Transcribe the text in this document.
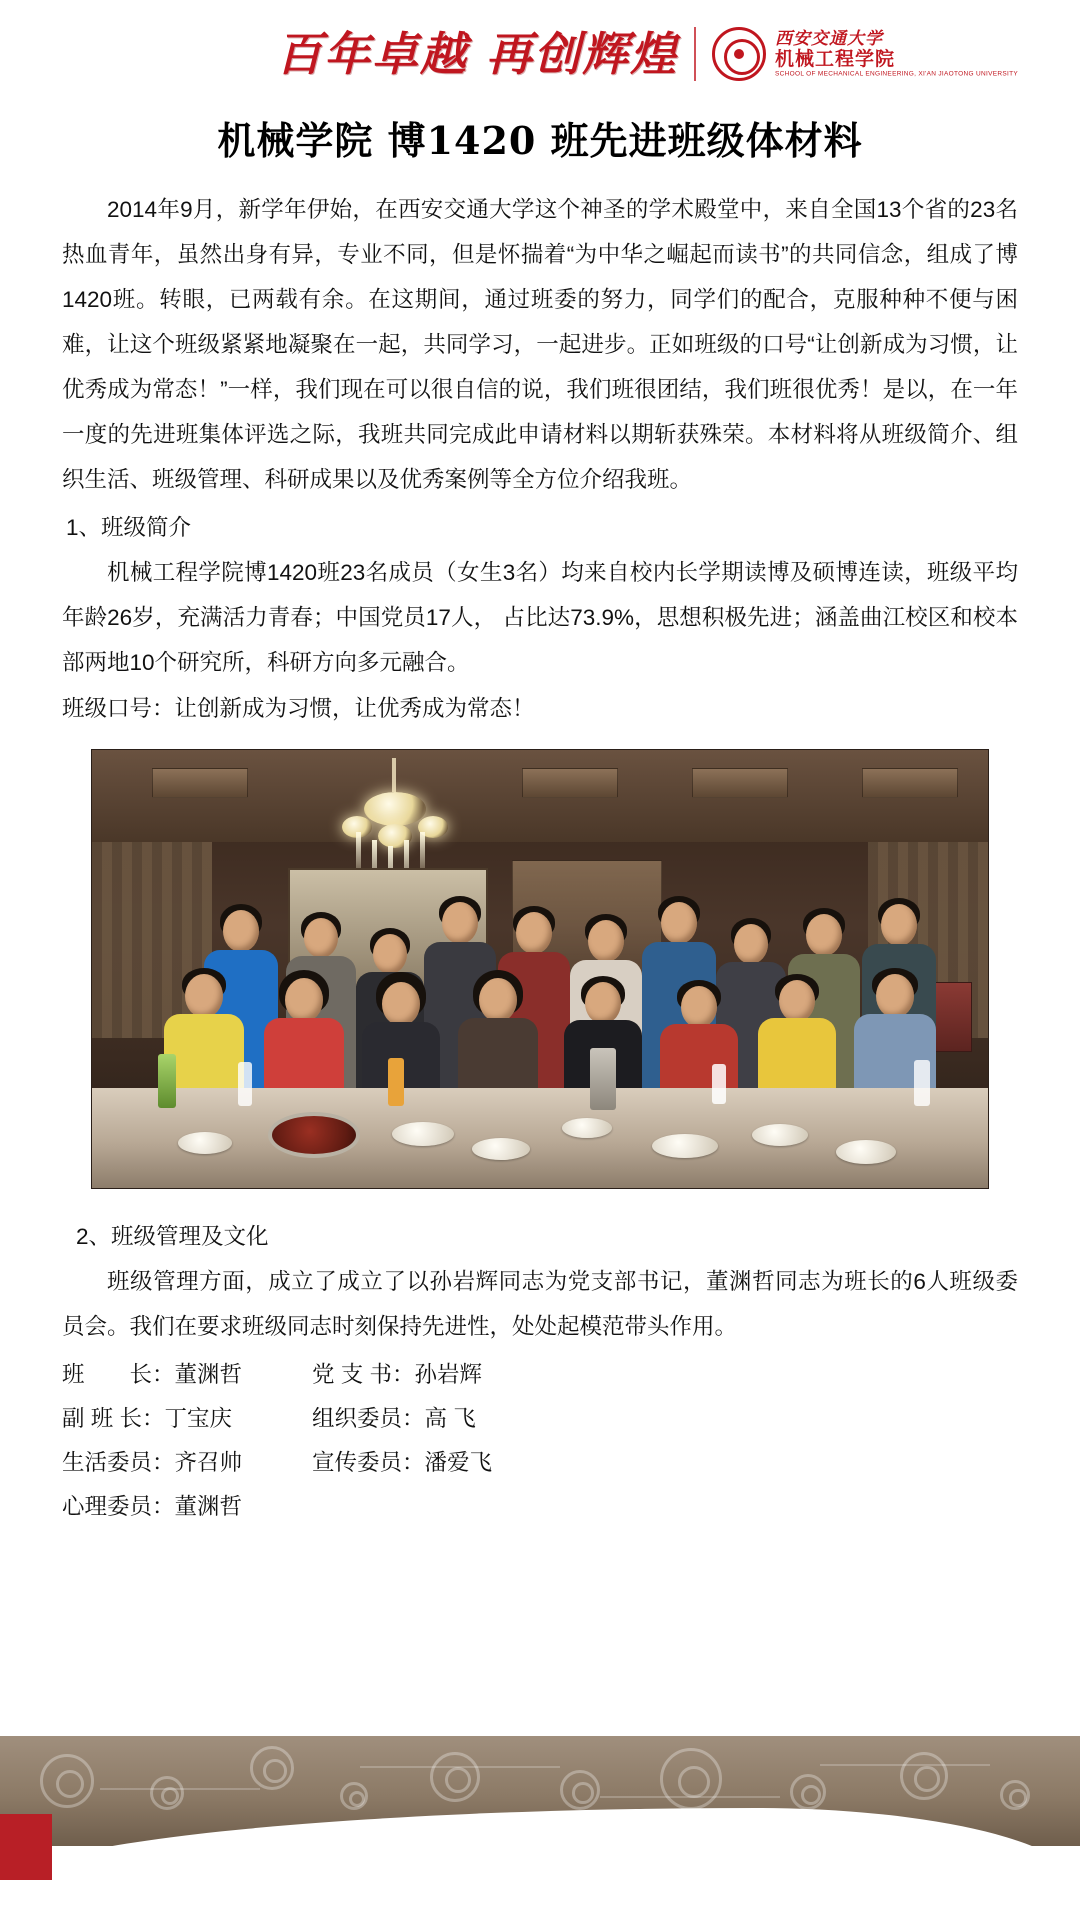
百年卓越 再创辉煌	西安交通大学
机械工程学院
SCHOOL OF MECHANICAL ENGINEERING, XI'AN JIAOTONG UNIVERSITY
机械学院 博1420 班先进班级体材料

2014年9月，新学年伊始，在西安交通大学这个神圣的学术殿堂中，来自全国13个省的23名热血青年，虽然出身有异，专业不同，但是怀揣着“为中华之崛起而读书”的共同信念，组成了博1420班。转眼，已两载有余。在这期间，通过班委的努力，同学们的配合，克服种种不便与困难，让这个班级紧紧地凝聚在一起，共同学习，一起进步。正如班级的口号“让创新成为习惯，让优秀成为常态！”一样，我们现在可以很自信的说，我们班很团结，我们班很优秀！是以，在一年一度的先进班集体评选之际，我班共同完成此申请材料以期斩获殊荣。本材料将从班级简介、组织生活、班级管理、科研成果以及优秀案例等全方位介绍我班。

1、班级简介

机械工程学院博1420班23名成员（女生3名）均来自校内长学期读博及硕博连读，班级平均年龄26岁，充满活力青春；中国党员17人， 占比达73.9%，思想积极先进；涵盖曲江校区和校本部两地10个研究所，科研方向多元融合。

班级口号：让创新成为习惯，让优秀成为常态！
2、班级管理及文化

班级管理方面，成立了成立了以孙岩辉同志为党支部书记，董渊哲同志为班长的6人班级委员会。我们在要求班级同志时刻保持先进性，处处起模范带头作用。

班　　长：董渊哲	党 支 书：孙岩辉
副 班 长：丁宝庆	组织委员：高 飞
生活委员：齐召帅	宣传委员：潘爱飞
心理委员：董渊哲
